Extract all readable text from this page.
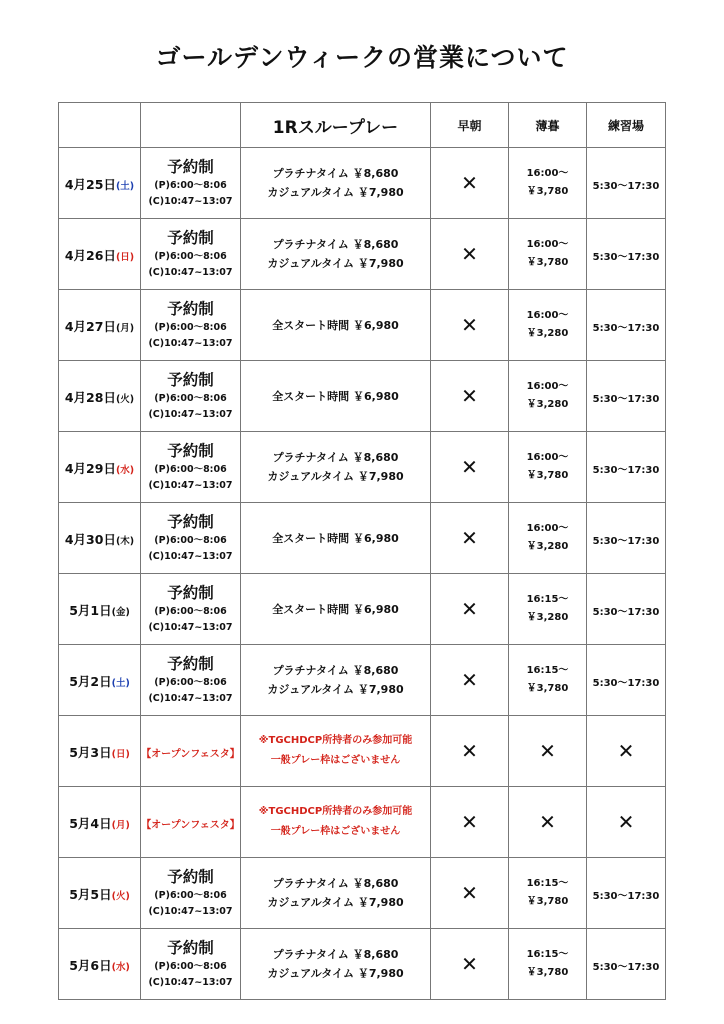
ゴールデンウィークの営業について
		1Rスループレー	早朝	薄暮	練習場
4月25日(土)	予約制
(P)6:00～8:06
(C)10:47~13:07	プラチナタイム ￥8,680
カジュアルタイム ￥7,980	✕	16:00～
￥3,780	5:30～17:30
4月26日(日)	予約制
(P)6:00～8:06
(C)10:47~13:07	プラチナタイム ￥8,680
カジュアルタイム ￥7,980	✕	16:00～
￥3,780	5:30～17:30
4月27日(月)	予約制
(P)6:00～8:06
(C)10:47~13:07	全スタート時間 ￥6,980	✕	16:00～
￥3,280	5:30～17:30
4月28日(火)	予約制
(P)6:00～8:06
(C)10:47~13:07	全スタート時間 ￥6,980	✕	16:00～
￥3,280	5:30～17:30
4月29日(水)	予約制
(P)6:00～8:06
(C)10:47~13:07	プラチナタイム ￥8,680
カジュアルタイム ￥7,980	✕	16:00～
￥3,780	5:30～17:30
4月30日(木)	予約制
(P)6:00～8:06
(C)10:47~13:07	全スタート時間 ￥6,980	✕	16:00～
￥3,280	5:30～17:30
5月1日(金)	予約制
(P)6:00～8:06
(C)10:47~13:07	全スタート時間 ￥6,980	✕	16:15～
￥3,280	5:30～17:30
5月2日(土)	予約制
(P)6:00～8:06
(C)10:47~13:07	プラチナタイム ￥8,680
カジュアルタイム ￥7,980	✕	16:15～
￥3,780	5:30～17:30
5月3日(日)	【オープンフェスタ】	※TGCHDCP所持者のみ参加可能
一般プレー枠はございません	✕	✕	✕
5月4日(月)	【オープンフェスタ】	※TGCHDCP所持者のみ参加可能
一般プレー枠はございません	✕	✕	✕
5月5日(火)	予約制
(P)6:00～8:06
(C)10:47~13:07	プラチナタイム ￥8,680
カジュアルタイム ￥7,980	✕	16:15～
￥3,780	5:30～17:30
5月6日(水)	予約制
(P)6:00～8:06
(C)10:47~13:07	プラチナタイム ￥8,680
カジュアルタイム ￥7,980	✕	16:15～
￥3,780	5:30～17:30
